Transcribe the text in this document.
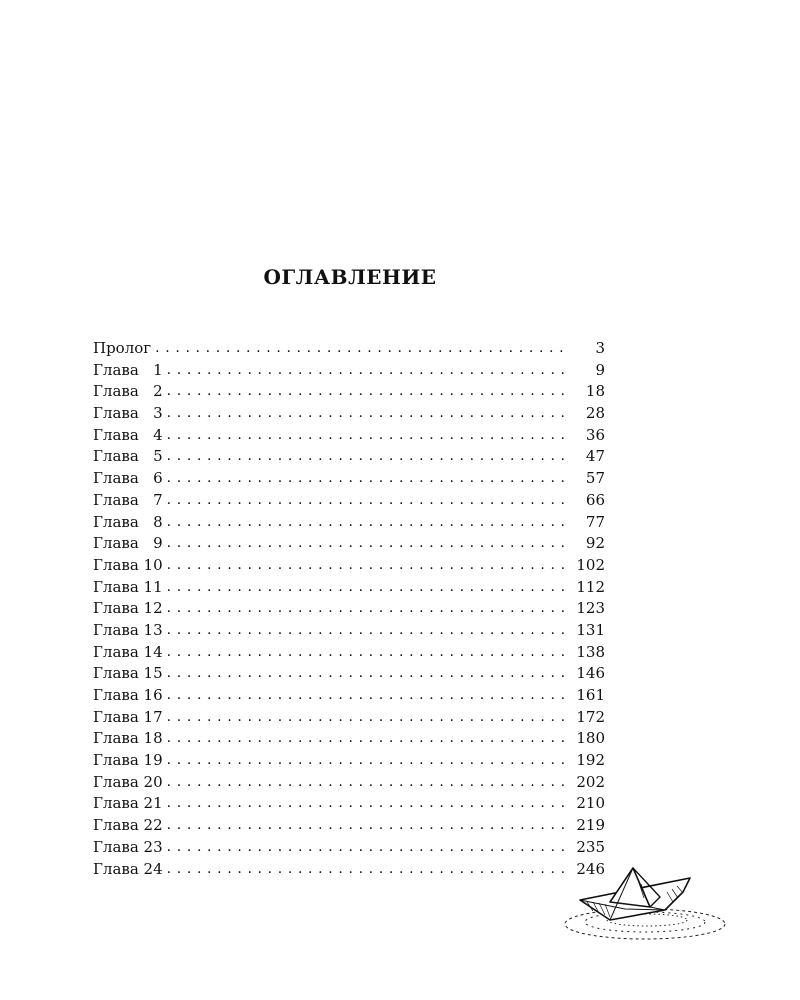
ОГЛАВЛЕНИЕ
Пролог . . .	3
Глава   1 . . .	9
Глава   2 . . .	18
Глава   3 . . .	28
Глава   4 . . .	36
Глава   5 . . .	47
Глава   6 . . .	57
Глава   7 . . .	66
Глава   8 . . .	77
Глава   9 . . .	92
Глава 10 . . .	102
Глава 11 . . .	112
Глава 12 . . .	123
Глава 13 . . .	131
Глава 14 . . .	138
Глава 15 . . .	146
Глава 16 . . .	161
Глава 17 . . .	172
Глава 18 . . .	180
Глава 19 . . .	192
Глава 20 . . .	202
Глава 21 . . .	210
Глава 22 . . .	219
Глава 23 . . .	235
Глава 24 . . .	246
